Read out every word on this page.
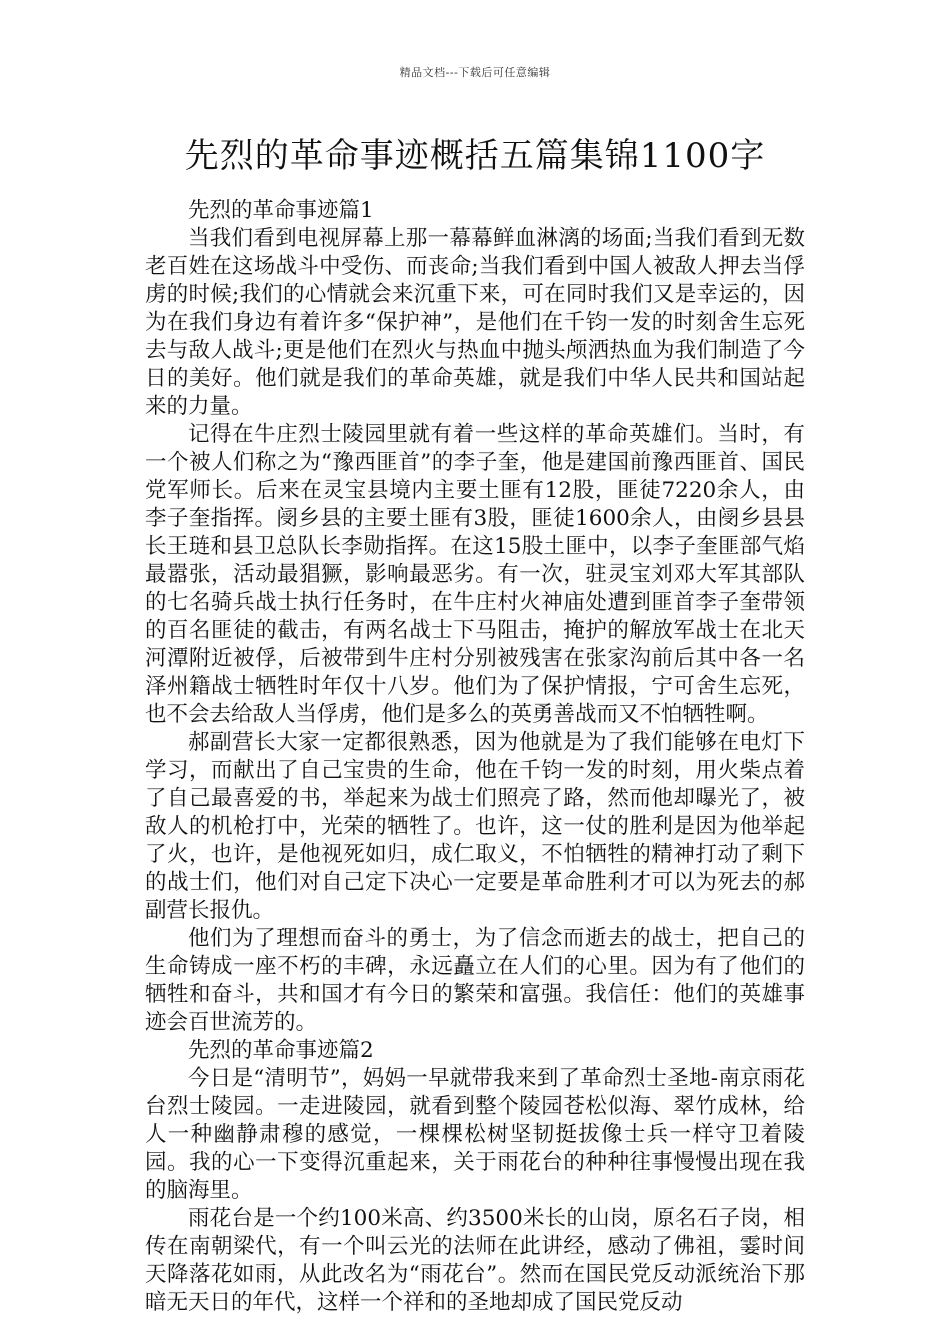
精品文档---下载后可任意编辑
先烈的革命事迹概括五篇集锦1100字

先烈的革命事迹篇1

当我们看到电视屏幕上那一幕幕鲜血淋漓的场面;当我们看到无数老百姓在这场战斗中受伤、而丧命;当我们看到中国人被敌人押去当俘虏的时候;我们的心情就会来沉重下来，可在同时我们又是幸运的，因为在我们身边有着许多“保护神”，是他们在千钧一发的时刻舍生忘死去与敌人战斗;更是他们在烈火与热血中抛头颅洒热血为我们制造了今日的美好。他们就是我们的革命英雄，就是我们中华人民共和国站起来的力量。

记得在牛庄烈士陵园里就有着一些这样的革命英雄们。当时，有一个被人们称之为“豫西匪首”的李子奎，他是建国前豫西匪首、国民党军师长。后来在灵宝县境内主要土匪有12股，匪徒7220余人，由李子奎指挥。阌乡县的主要土匪有3股，匪徒1600余人，由阌乡县县长王琏和县卫总队长李勋指挥。在这15股土匪中，以李子奎匪部气焰最嚣张，活动最猖獗，影响最恶劣。有一次，驻灵宝刘邓大军其部队的七名骑兵战士执行任务时，在牛庄村火神庙处遭到匪首李子奎带领的百名匪徒的截击，有两名战士下马阻击，掩护的解放军战士在北天河潭附近被俘，后被带到牛庄村分别被残害在张家沟前后其中各一名泽州籍战士牺牲时年仅十八岁。他们为了保护情报，宁可舍生忘死，也不会去给敌人当俘虏，他们是多么的英勇善战而又不怕牺牲啊。

郝副营长大家一定都很熟悉，因为他就是为了我们能够在电灯下学习，而献出了自己宝贵的生命，他在千钧一发的时刻，用火柴点着了自己最喜爱的书，举起来为战士们照亮了路，然而他却曝光了，被敌人的机枪打中，光荣的牺牲了。也许，这一仗的胜利是因为他举起了火，也许，是他视死如归，成仁取义，不怕牺牲的精神打动了剩下的战士们，他们对自己定下决心一定要是革命胜利才可以为死去的郝副营长报仇。

他们为了理想而奋斗的勇士，为了信念而逝去的战士，把自己的生命铸成一座不朽的丰碑，永远矗立在人们的心里。因为有了他们的牺牲和奋斗，共和国才有今日的繁荣和富强。我信任：他们的英雄事迹会百世流芳的。

先烈的革命事迹篇2

今日是“清明节”，妈妈一早就带我来到了革命烈士圣地-南京雨花台烈士陵园。一走进陵园，就看到整个陵园苍松似海、翠竹成林，给人一种幽静肃穆的感觉，一棵棵松树坚韧挺拔像士兵一样守卫着陵园。我的心一下变得沉重起来，关于雨花台的种种往事慢慢出现在我的脑海里。

雨花台是一个约100米高、约3500米长的山岗，原名石子岗，相传在南朝梁代，有一个叫云光的法师在此讲经，感动了佛祖，霎时间天降落花如雨，从此改名为“雨花台”。然而在国民党反动派统治下那暗无天日的年代，这样一个祥和的圣地却成了国民党反动
